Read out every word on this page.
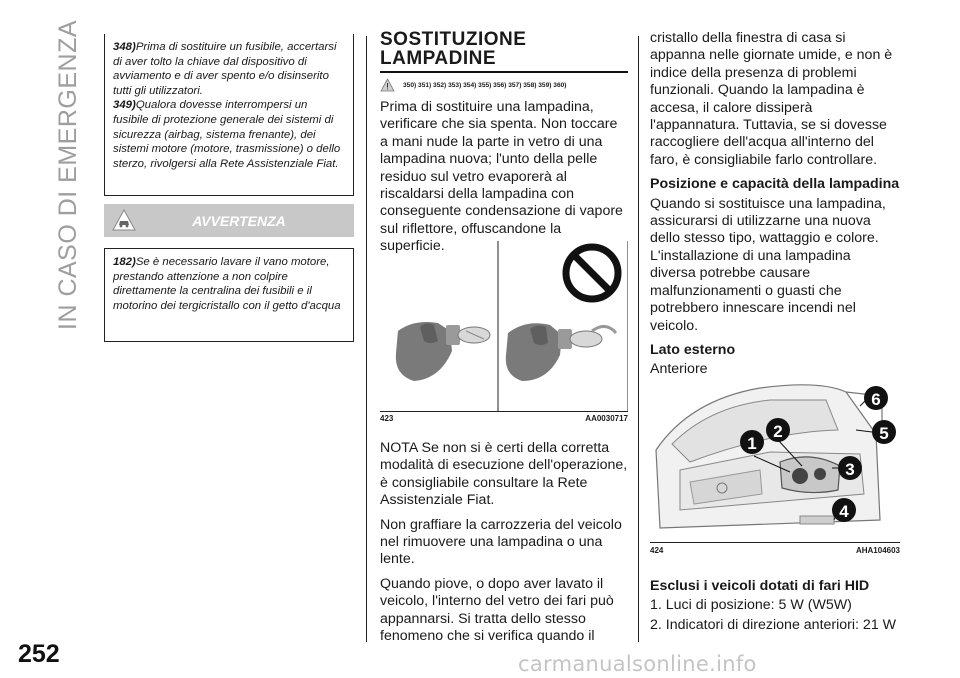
IN CASO DI EMERGENZA
252	carmanualsonline.info

348)Prima di sostituire un fusibile, accertarsi di aver tolto la chiave dal dispositivo di avviamento e di aver spento e/o disinserito tutti gli utilizzatori.

349)Qualora dovesse interrompersi un fusibile di protezione generale dei sistemi di sicurezza (airbag, sistema frenante), dei sistemi motore (motore, trasmissione) o dello sterzo, rivolgersi alla Rete Assistenziale Fiat.

AVVERTENZA

182)Se è necessario lavare il vano motore, prestando attenzione a non colpire direttamente la centralina dei fusibili e il motorino dei tergicristallo con il getto d'acqua

SOSTITUZIONE
LAMPADINE
350) 351) 352) 353) 354) 355) 356) 357) 358) 359) 360)

Prima di sostituire una lampadina, verificare che sia spenta. Non toccare a mani nude la parte in vetro di una lampadina nuova; l'unto della pelle residuo sul vetro evaporerà al riscaldarsi della lampadina con conseguente condensazione di vapore sul riflettore, offuscandone la superficie.

423	AA0030717

NOTA Se non si è certi della corretta modalità di esecuzione dell'operazione, è consigliabile consultare la Rete Assistenziale Fiat.

Non graffiare la carrozzeria del veicolo nel rimuovere una lampadina o una lente.

Quando piove, o dopo aver lavato il veicolo, l'interno del vetro dei fari può appannarsi. Si tratta dello stesso fenomeno che si verifica quando il

cristallo della finestra di casa si appanna nelle giornate umide, e non è indice della presenza di problemi funzionali. Quando la lampadina è accesa, il calore dissiperà l'appannatura. Tuttavia, se si dovesse raccogliere dell'acqua all'interno del faro, è consigliabile farlo controllare.

Posizione e capacità della lampadina

Quando si sostituisce una lampadina, assicurarsi di utilizzarne una nuova dello stesso tipo, wattaggio e colore. L'installazione di una lampadina diversa potrebbe causare malfunzionamenti o guasti che potrebbero innescare incendi nel veicolo.

Lato esterno

Anteriore

1
2
3
4
5
6
424	AHA104603
Esclusi i veicoli dotati di fari HID

1. Luci di posizione: 5 W (W5W)

2. Indicatori di direzione anteriori: 21 W
